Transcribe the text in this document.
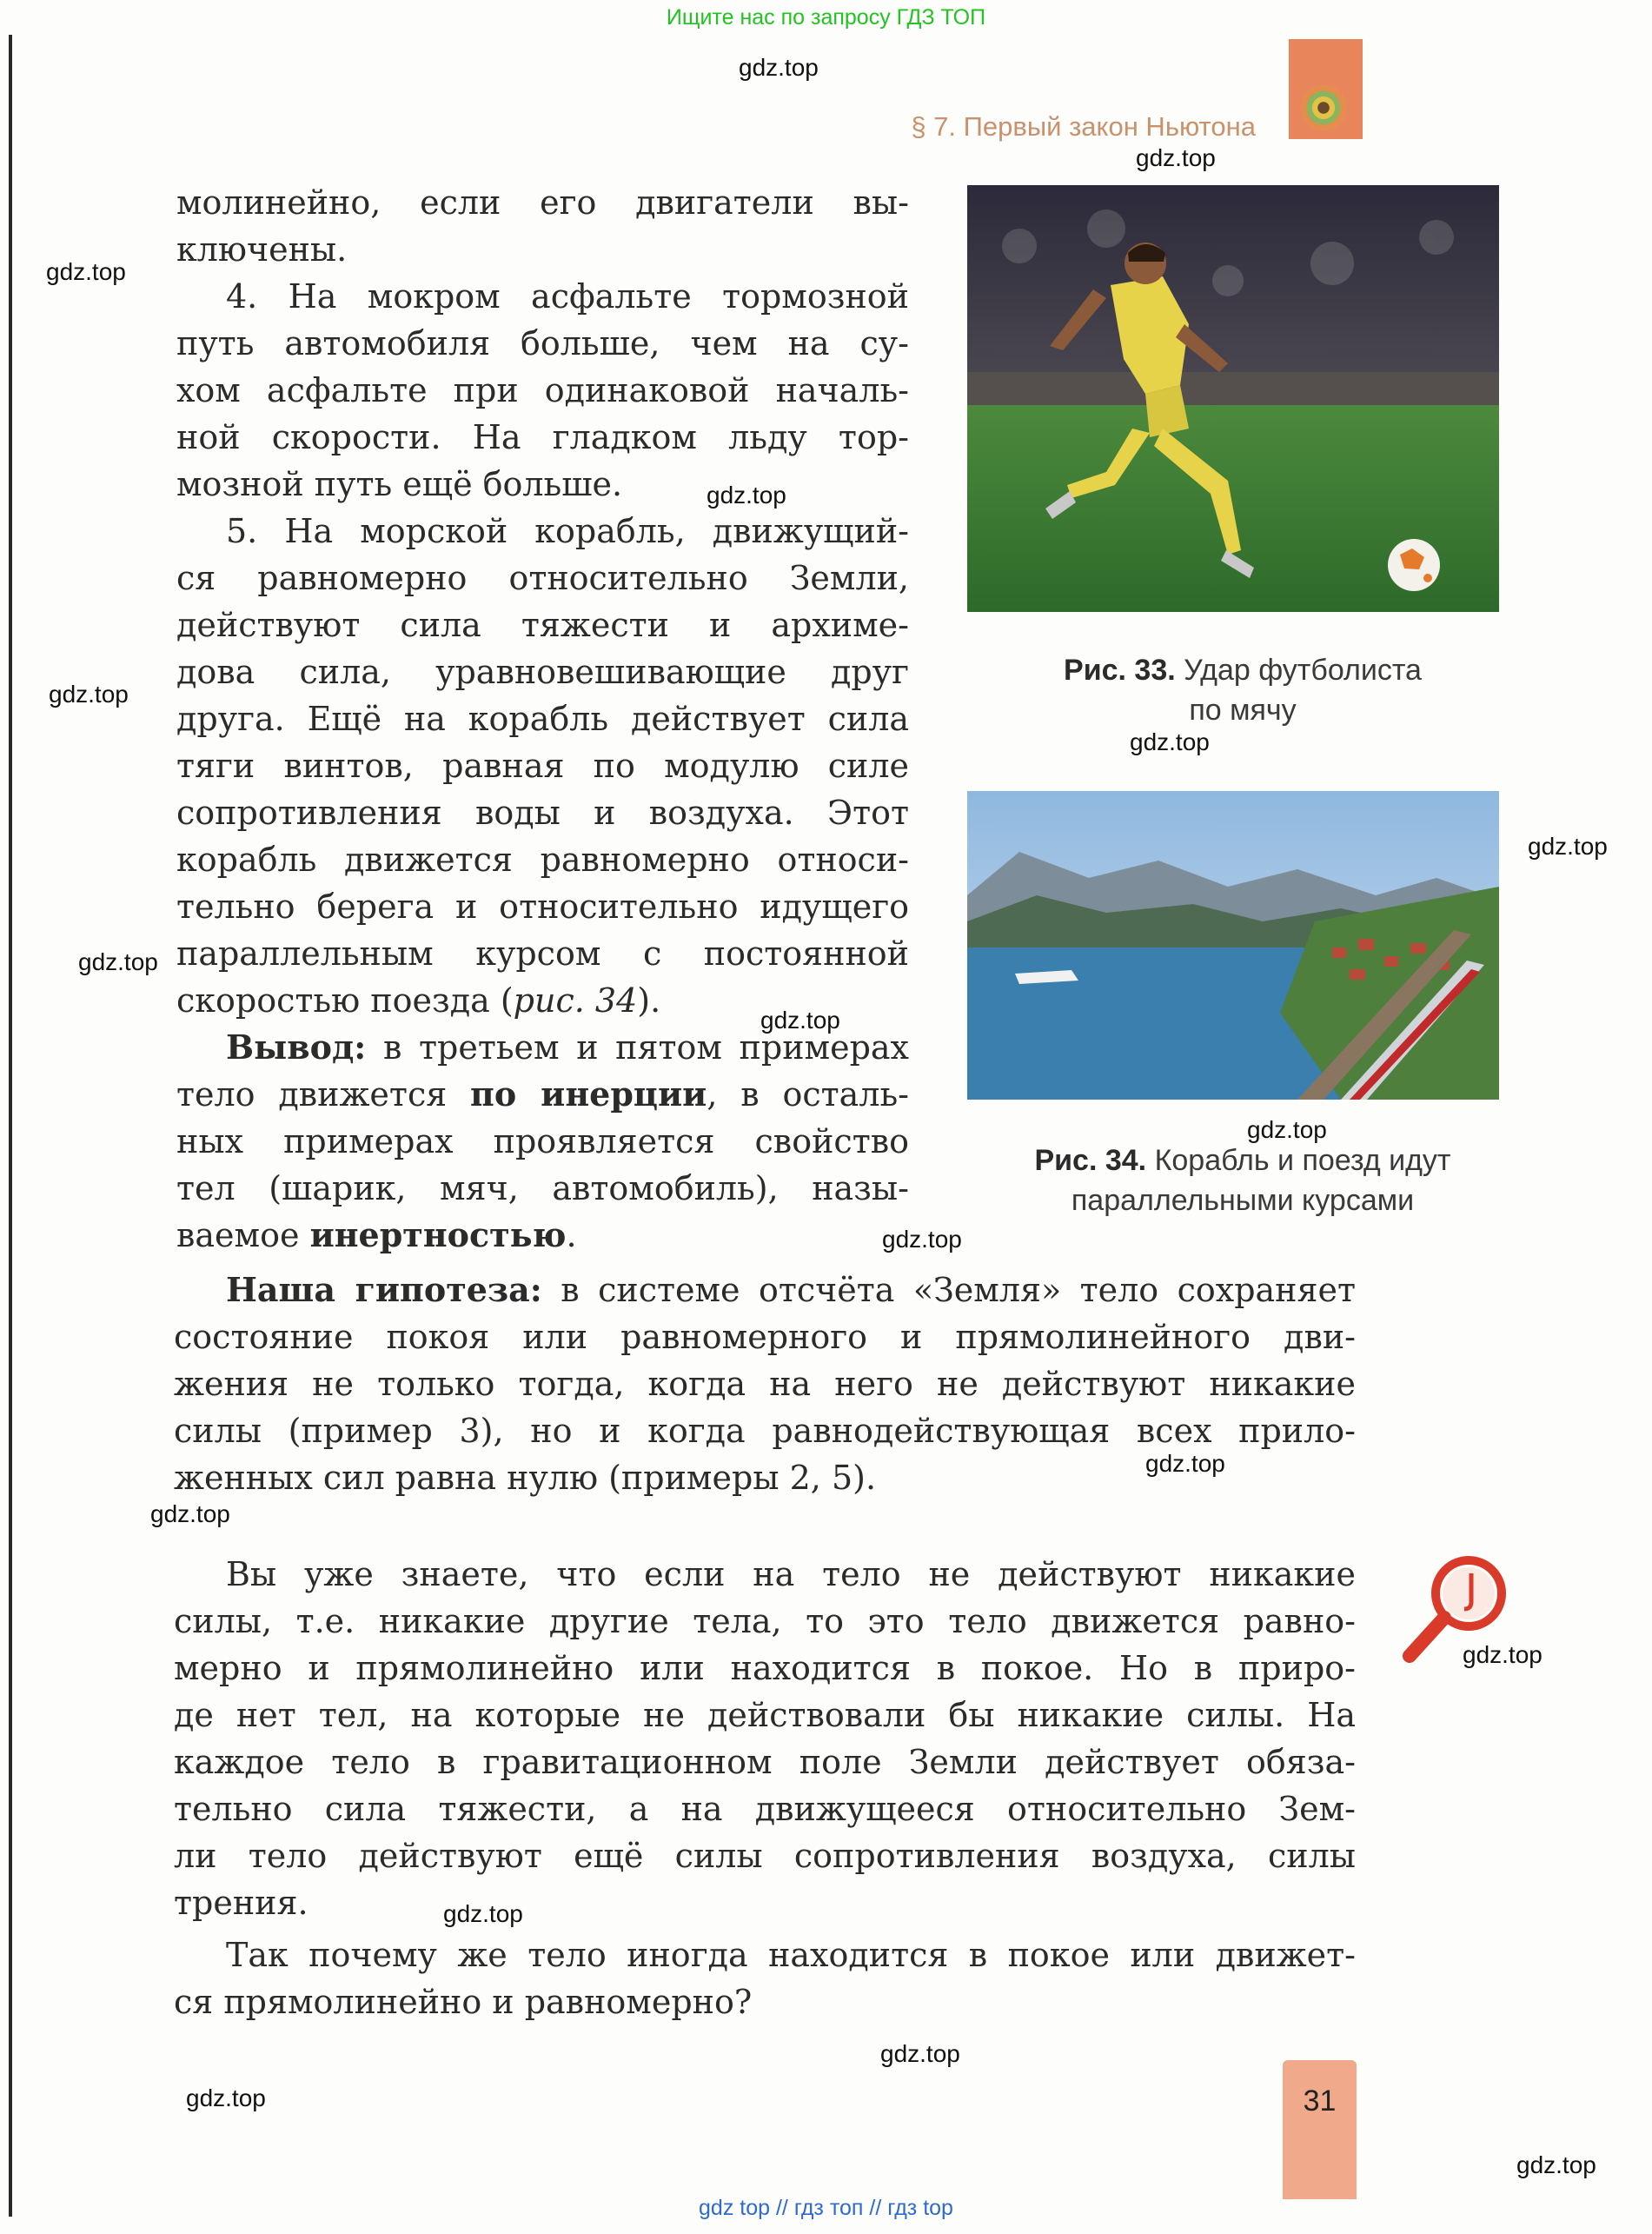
Ищите нас по запросу ГДЗ ТОП
§ 7. Первый закон Ньютона
молинейно, если его двигатели вы-
ключены.
4. На мокром асфальте тормозной
путь автомобиля больше, чем на су-
хом асфальте при одинаковой началь-
ной скорости. На гладком льду тор-
мозной путь ещё больше.
5. На морской корабль, движущий-
ся равномерно относительно Земли,
действуют сила тяжести и архиме-
дова сила, уравновешивающие друг
друга. Ещё на корабль действует сила
тяги винтов, равная по модулю силе
сопротивления воды и воздуха. Этот
корабль движется равномерно относи-
тельно берега и относительно идущего
параллельным курсом с постоянной
скоростью поезда (рис. 34).
Вывод: в третьем и пятом примерах
тело движется по инерции, в осталь-
ных примерах проявляется свойство
тел (шарик, мяч, автомобиль), назы-
ваемое инертностью.
Наша гипотеза: в системе отсчёта «Земля» тело сохраняет
состояние покоя или равномерного и прямолинейного дви-
жения не только тогда, когда на него не действуют никакие
силы (пример 3), но и когда равнодействующая всех прило-
женных сил равна нулю (примеры 2, 5).
Вы уже знаете, что если на тело не действуют никакие
силы, т.е. никакие другие тела, то это тело движется равно-
мерно и прямолинейно или находится в покое. Но в приро-
де нет тел, на которые не действовали бы никакие силы. На
каждое тело в гравитационном поле Земли действует обяза-
тельно сила тяжести, а на движущееся относительно Зем-
ли тело действуют ещё силы сопротивления воздуха, силы
трения.
Так почему же тело иногда находится в покое или движет-
ся прямолинейно и равномерно?
Рис. 33. Удар футболиста
по мячу
Рис. 34. Корабль и поезд идут
параллельными курсами
gdz.top
gdz.top
gdz.top
gdz.top
gdz.top
gdz.top
gdz.top
gdz.top
gdz.top
gdz.top
gdz.top
gdz.top
gdz.top
gdz.top
gdz.top
gdz.top
gdz.top
gdz.top
31
gdz top // гдз топ // гдз top
